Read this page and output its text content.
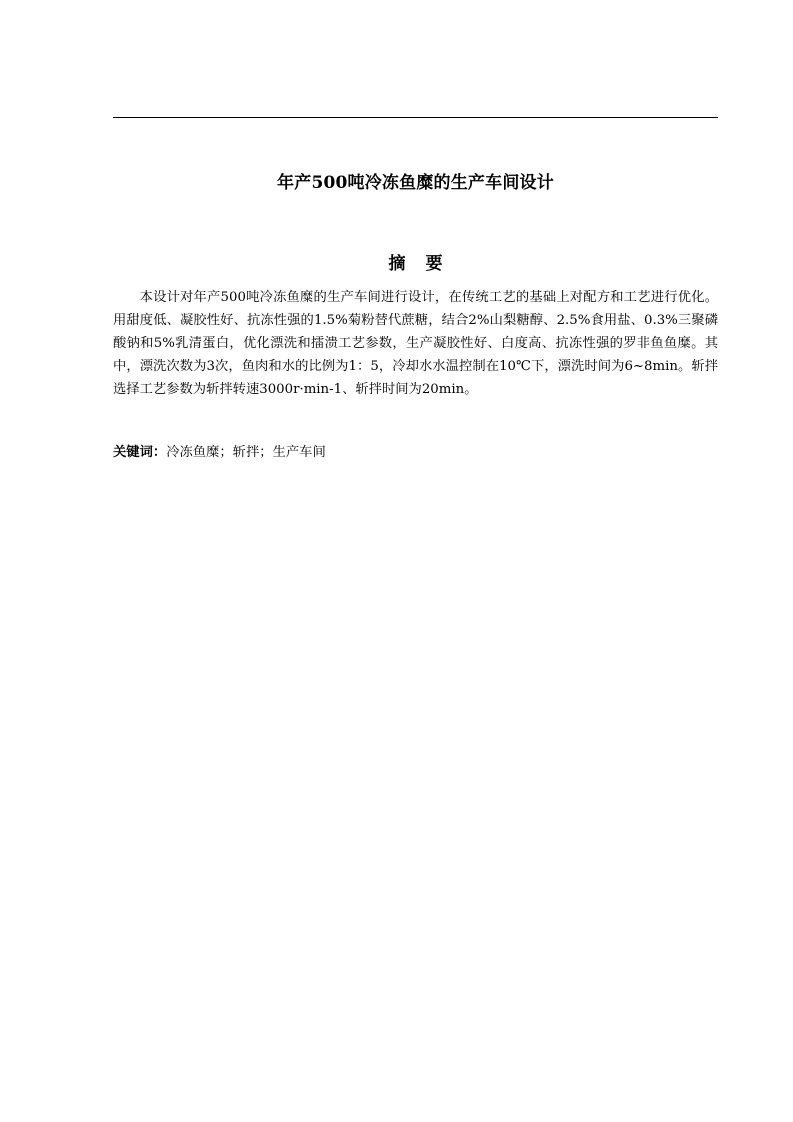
年产500吨冷冻鱼糜的生产车间设计
摘 要
本设计对年产500吨冷冻鱼糜的生产车间进行设计，在传统工艺的基础上对配方和工艺进行优化。用甜度低、凝胶性好、抗冻性强的1.5%菊粉替代蔗糖，结合2%山梨糖醇、2.5%食用盐、0.3%三聚磷酸钠和5%乳清蛋白，优化漂洗和擂溃工艺参数，生产凝胶性好、白度高、抗冻性强的罗非鱼鱼糜。其中，漂洗次数为3次，鱼肉和水的比例为1：5，冷却水水温控制在10℃下，漂洗时间为6~8min。斩拌选择工艺参数为斩拌转速3000r·min-1、斩拌时间为20min。
关键词：冷冻鱼糜；斩拌；生产车间
